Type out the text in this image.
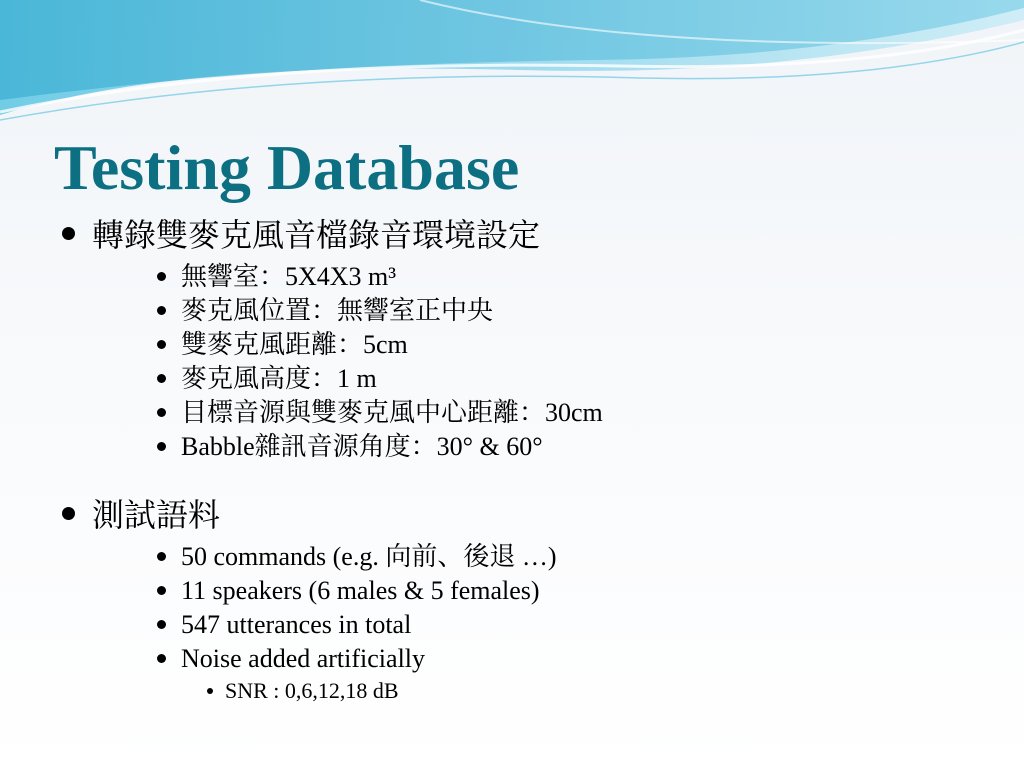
Testing Database
轉錄雙麥克風音檔錄音環境設定
無響室：5X4X3 m³
麥克風位置：無響室正中央
雙麥克風距離：5cm
麥克風高度：1 m
目標音源與雙麥克風中心距離：30cm
Babble雜訊音源角度：30° & 60°
測試語料
50 commands (e.g. 向前、後退 …)
11 speakers (6 males & 5 females)
547 utterances in total
Noise added artificially
SNR : 0,6,12,18 dB
